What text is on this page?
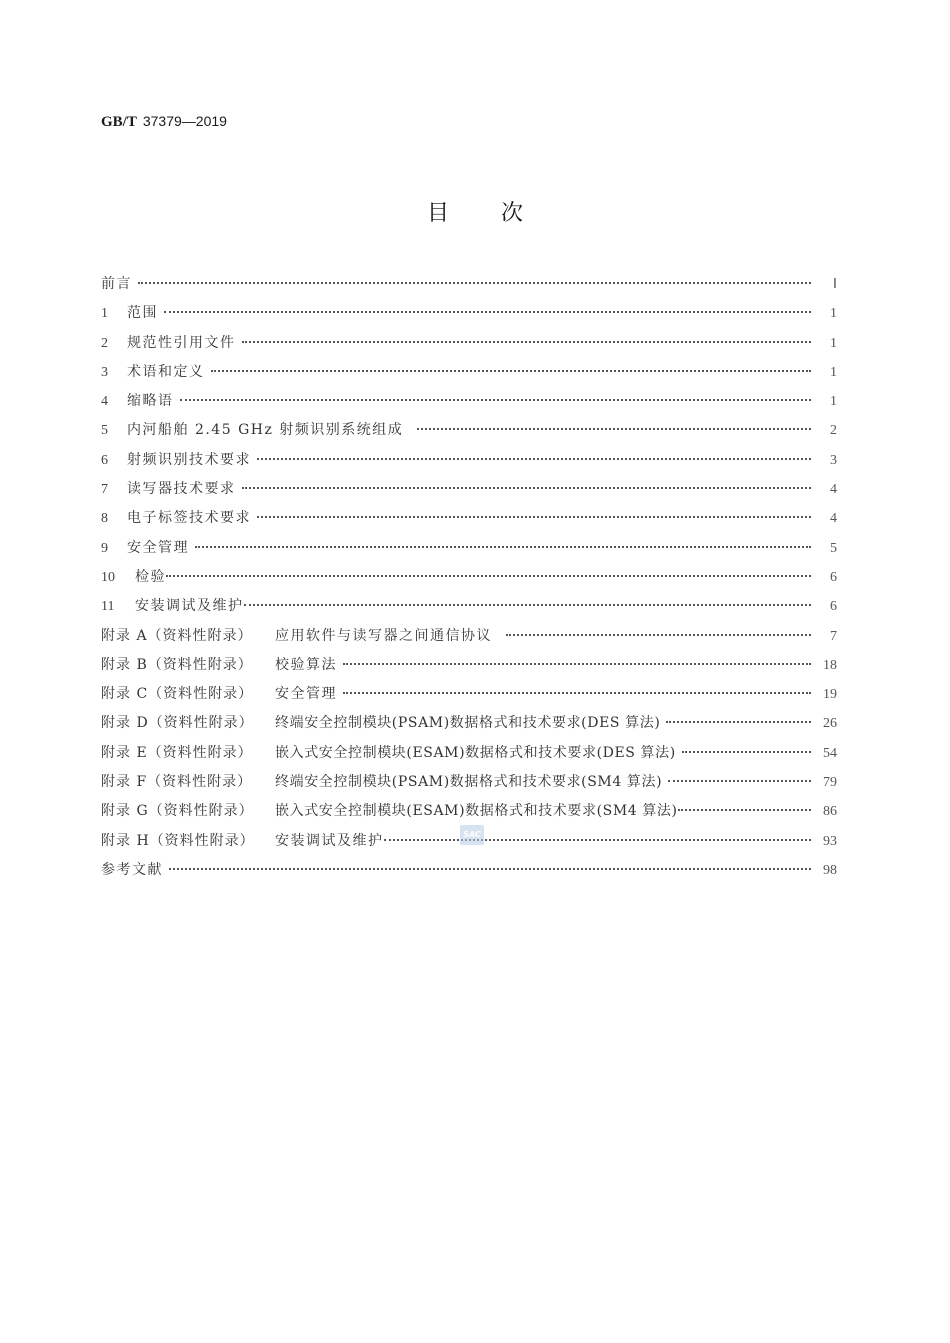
GB/T 37379—2019
目 次
前言	Ⅰ
1	范围	1
2	规范性引用文件	1
3	术语和定义	1
4	缩略语	1
5	内河船舶 2.45 GHz 射频识别系统组成	2
6	射频识别技术要求	3
7	读写器技术要求	4
8	电子标签技术要求	4
9	安全管理	5
10	检验	6
11	安装调试及维护	6
附录 A（资料性附录）	应用软件与读写器之间通信协议	7
附录 B（资料性附录）	校验算法	18
附录 C（资料性附录）	安全管理	19
附录 D（资料性附录）	终端安全控制模块(PSAM)数据格式和技术要求(DES 算法)	26
附录 E（资料性附录）	嵌入式安全控制模块(ESAM)数据格式和技术要求(DES 算法)	54
附录 F（资料性附录）	终端安全控制模块(PSAM)数据格式和技术要求(SM4 算法)	79
附录 G（资料性附录）	嵌入式安全控制模块(ESAM)数据格式和技术要求(SM4 算法)	86
附录 H（资料性附录）	安装调试及维护	93
参考文献	98
SAC
